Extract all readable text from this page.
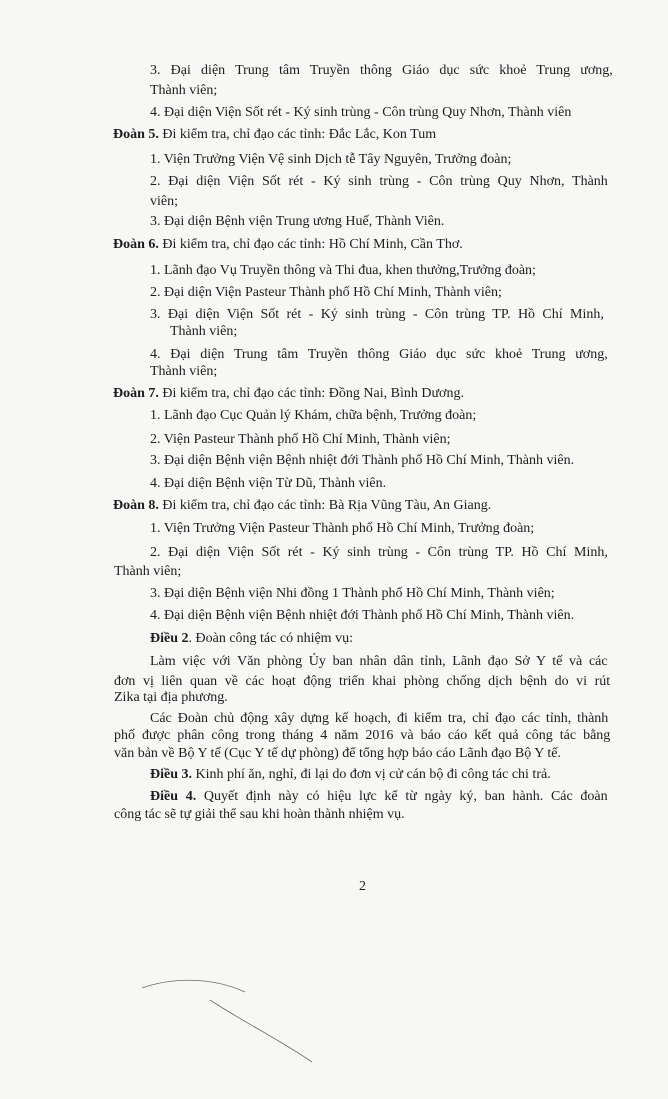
3. Đại diện Trung tâm Truyền thông Giáo dục sức khoẻ Trung ương,
Thành viên;
4. Đại diện Viện Sốt rét - Ký sinh trùng - Côn trùng Quy Nhơn, Thành viên
Đoàn 5. Đi kiểm tra, chỉ đạo các tỉnh: Đắc Lắc, Kon Tum
1. Viện Trưởng Viện Vệ sinh Dịch tễ Tây Nguyên, Trưởng đoàn;
2. Đại diện Viện Sốt rét - Ký sinh trùng - Côn trùng Quy Nhơn, Thành
viên;
3. Đại diện Bệnh viện Trung ương Huế, Thành Viên.
Đoàn 6. Đi kiểm tra, chỉ đạo các tỉnh: Hồ Chí Minh, Cần Thơ.
1. Lãnh đạo Vụ Truyền thông và Thi đua, khen thưởng,Trưởng đoàn;
2. Đại diện Viện Pasteur Thành phố Hồ Chí Minh, Thành viên;
3. Đại diện Viện Sốt rét - Ký sinh trùng - Côn trùng TP. Hồ Chí Minh,
Thành viên;
4. Đại diện Trung tâm Truyền thông Giáo dục sức khoẻ Trung ương,
Thành viên;
Đoàn 7. Đi kiểm tra, chỉ đạo các tỉnh: Đồng Nai, Bình Dương.
1. Lãnh đạo Cục Quản lý Khám, chữa bệnh, Trưởng đoàn;
2. Viện Pasteur Thành phố Hồ Chí Minh, Thành viên;
3. Đại diện Bệnh viện Bệnh nhiệt đới Thành phố Hồ Chí Minh, Thành viên.
4. Đại diện Bệnh viện Từ Dũ, Thành viên.
Đoàn 8. Đi kiểm tra, chỉ đạo các tỉnh: Bà Rịa Vũng Tàu, An Giang.
1. Viện Trưởng Viện Pasteur Thành phố Hồ Chí Minh, Trưởng đoàn;
2. Đại diện Viện Sốt rét - Ký sinh trùng - Côn trùng TP. Hồ Chí Minh,
Thành viên;
3. Đại diện Bệnh viện Nhi đồng 1 Thành phố Hồ Chí Minh, Thành viên;
4. Đại diện Bệnh viện Bệnh nhiệt đới Thành phố Hồ Chí Minh, Thành viên.
Điều 2. Đoàn công tác có nhiệm vụ:
Làm việc với Văn phòng Ủy ban nhân dân tỉnh, Lãnh đạo Sở Y tế và các
đơn vị liên quan về các hoạt động triển khai phòng chống dịch bệnh do vi rút
Zika tại địa phương.
Các Đoàn chủ động xây dựng kế hoạch, đi kiểm tra, chỉ đạo các tỉnh, thành
phố được phân công trong tháng 4 năm 2016 và báo cáo kết quả công tác bằng
văn bản về Bộ Y tế (Cục Y tế dự phòng) để tổng hợp báo cáo Lãnh đạo Bộ Y tế.
Điều 3. Kinh phí ăn, nghỉ, đi lại do đơn vị cử cán bộ đi công tác chi trả.
Điều 4. Quyết định này có hiệu lực kể từ ngày ký, ban hành. Các đoàn
công tác sẽ tự giải thể sau khi hoàn thành nhiệm vụ.
2
